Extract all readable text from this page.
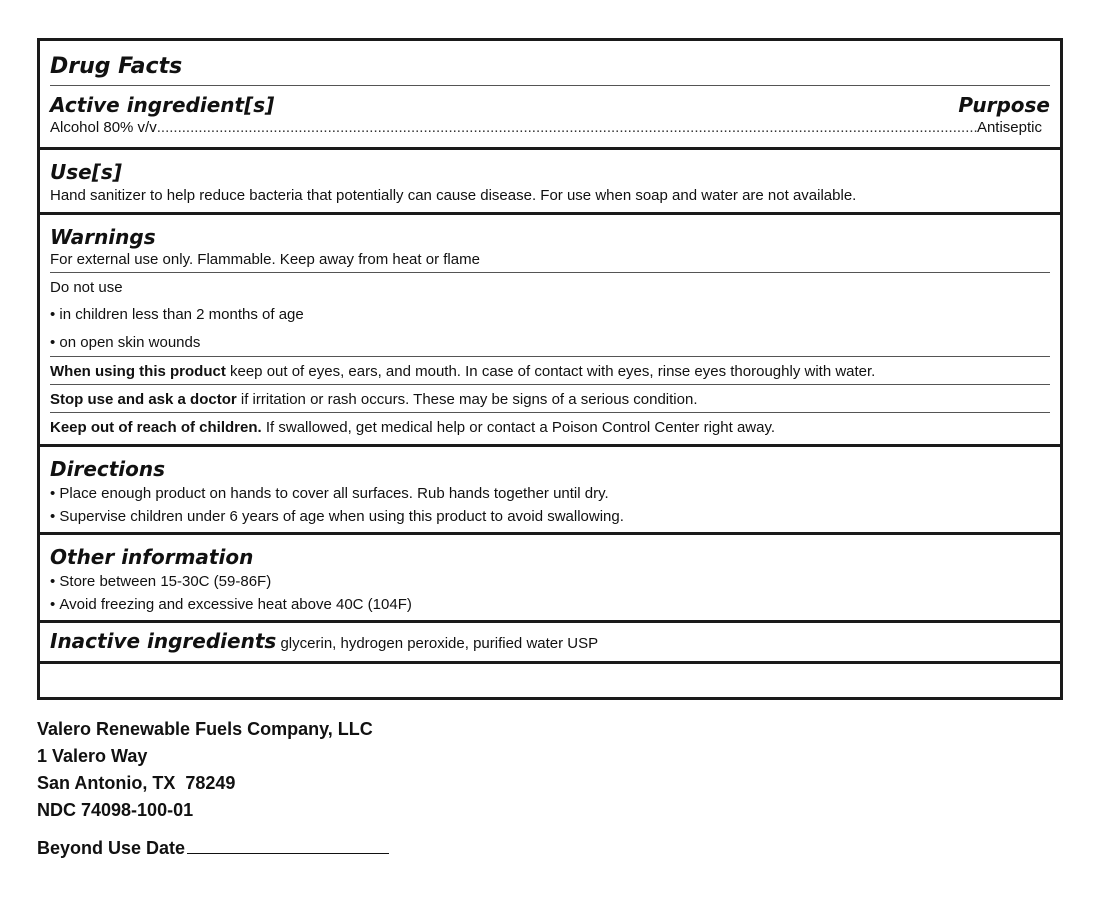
Drug Facts
Active ingredient[s]	Purpose
Alcohol 80% v/v
.....	Antiseptic
Use[s]
Hand sanitizer to help reduce bacteria that potentially can cause disease. For use when soap and water are not available.
Warnings
For external use only. Flammable. Keep away from heat or flame
Do not use
• in children less than 2 months of age
• on open skin wounds
When using this product keep out of eyes, ears, and mouth. In case of contact with eyes, rinse eyes thoroughly with water.
Stop use and ask a doctor if irritation or rash occurs. These may be signs of a serious condition.
Keep out of reach of children. If swallowed, get medical help or contact a Poison Control Center right away.
Directions
• Place enough product on hands to cover all surfaces. Rub hands together until dry.
• Supervise children under 6 years of age when using this product to avoid swallowing.
Other information
• Store between 15-30C (59-86F)
• Avoid freezing and excessive heat above 40C (104F)
Inactive ingredients glycerin, hydrogen peroxide, purified water USP
Valero Renewable Fuels Company, LLC
1 Valero Way
San Antonio, TX  78249
NDC 74098-100-01
Beyond Use Date
